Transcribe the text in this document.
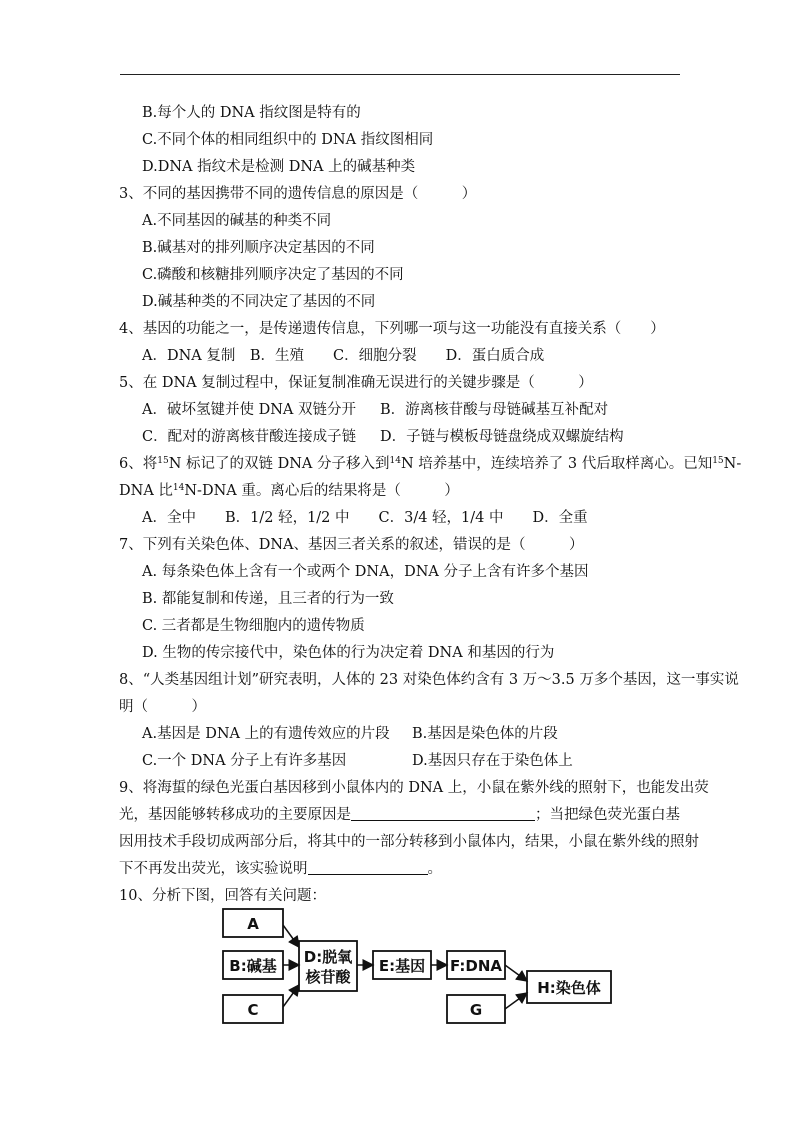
B.每个人的 DNA 指纹图是特有的
C.不同个体的相同组织中的 DNA 指纹图相同
D.DNA 指纹术是检测 DNA 上的碱基种类
3、不同的基因携带不同的遗传信息的原因是（　　　）
A.不同基因的碱基的种类不同
B.碱基对的排列顺序决定基因的不同
C.磷酸和核糖排列顺序决定了基因的不同
D.碱基种类的不同决定了基因的不同
4、基因的功能之一，是传递遗传信息，下列哪一项与这一功能没有直接关系（　　）
A．DNA 复制　B．生殖　　C．细胞分裂　　D．蛋白质合成
5、在 DNA 复制过程中，保证复制准确无误进行的关键步骤是（　　　）
A．破坏氢键并使 DNA 双链分开 B．游离核苷酸与母链碱基互补配对
C．配对的游离核苷酸连接成子链 D．子链与模板母链盘绕成双螺旋结构
6、将$^{15}$N 标记了的双链 DNA 分子移入到$^{14}$N 培养基中，连续培养了 3 代后取样离心。已知$^{15}$N-
DNA 比$^{14}$N-DNA 重。离心后的结果将是（　　　）
A．全中　　B．1/2 轻，1/2 中　　C．3/4 轻，1/4 中　　D．全重
7、下列有关染色体、DNA、基因三者关系的叙述，错误的是（　　　）
A. 每条染色体上含有一个或两个 DNA，DNA 分子上含有许多个基因
B. 都能复制和传递，且三者的行为一致
C. 三者都是生物细胞内的遗传物质
D. 生物的传宗接代中，染色体的行为决定着 DNA 和基因的行为
8、“人类基因组计划”研究表明，人体的 23 对染色体约含有 3 万～3.5 万多个基因，这一事实说
明（　　　）
A.基因是 DNA 上的有遗传效应的片段 B.基因是染色体的片段
C.一个 DNA 分子上有许多基因	D.基因只存在于染色体上
9、将海蜇的绿色光蛋白基因移到小鼠体内的 DNA 上，小鼠在紫外线的照射下，也能发出荧
光，基因能够转移成功的主要原因是	；当把绿色荧光蛋白基
因用技术手段切成两部分后，将其中的一部分转移到小鼠体内，结果，小鼠在紫外线的照射
下不再发出荧光，该实验说明	。
10、分析下图，回答有关问题：
A
B:碱基
C
D:脱氧
核苷酸
E:基因 F:DNA
G
H:染色体
